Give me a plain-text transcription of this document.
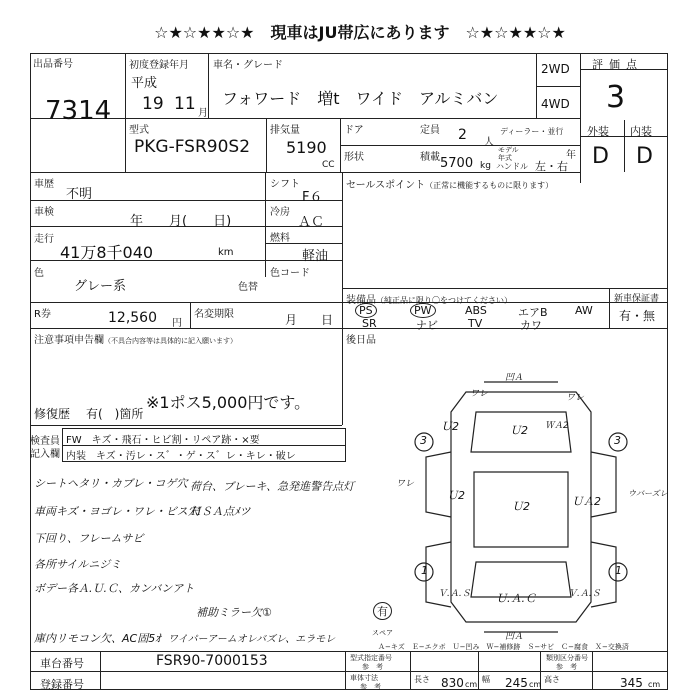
☆★☆★★☆★　現車はJU帯広にあります　☆★☆★★☆★
出品番号
7314
初度登録年月
平成
19 11 月
車名・グレード
フォワード　増t　ワイド　アルミバン
2WD
4WD
評価点
3
型式
PKG-FSR90S2
排気量
5190
CC
ドア	定員 2 人
ディーラー・並行
形状	積載 5700 kg
モデル年式
ハンドル 左・右
年
外装 内装
D D
車歴
不明
シフト
F６
車検
年　　月(　　日)
冷房
ＡＣ
走行
41万8千040	km
燃料
軽油
色
グレー系	色替
色コード
R券	12,560 円
名変期限	月　　日
セールスポイント（正常に機能するものに限ります）
装備品（純正品に限り〇をつけてください）
PS	PW	ABS	エアB AW
SR	ナビ	TV	カワ
新車保証書
有・無
注意事項申告欄（不具合内容等は具体的に記入願います）
※1ポス5,000円です。
修復歴 有(　)箇所
後日品
検査員
記入欄
FW　キズ・飛石・ヒビ割・リペア跡・×要
内装　キズ・汚レ・ス゛・ゲ・ス゛レ・キレ・破レ
シートヘタリ・カブレ・コゲ穴 荷台、ブレーキ、急発進警告点灯
車両キズ・ヨゴレ・ワレ・ビス穴
ＨＳＡ点ﾒツ
下回り、フレームサビ
各所サイルニジミ
ボデー各Ａ.Ｕ.Ｃ、カンバンアト
補助ミラー欠①
庫内リモコン欠、AC固5ｵ ワイパーアームオレバズレ、エラモレ
凹Ａ
凹Ａ
Ｕ2
Ｕ2
Ｕ2
Ｕ2
ＵＡ2
Ｕ.Ａ.Ｃ
Ｖ.Ａ.Ｓ	Ｖ.Ａ.Ｓ
ワレ	ワレ
ＷＡ2
ウバーズレ
3	3
1	1
ワレ
有
スペア
Ａ−キズ　Ｅ−エクボ　Ｕ−凹み　Ｗ−補修跡　Ｓ−サビ　Ｃ−腐食　Ｘ−交換済
車台番号	FSR90-7000153
登録番号
型式指定番号
参　考
類別区分番号
参　考
車体寸法
参　考
長さ 830 cm
幅 245 cm
高さ	345 cm
